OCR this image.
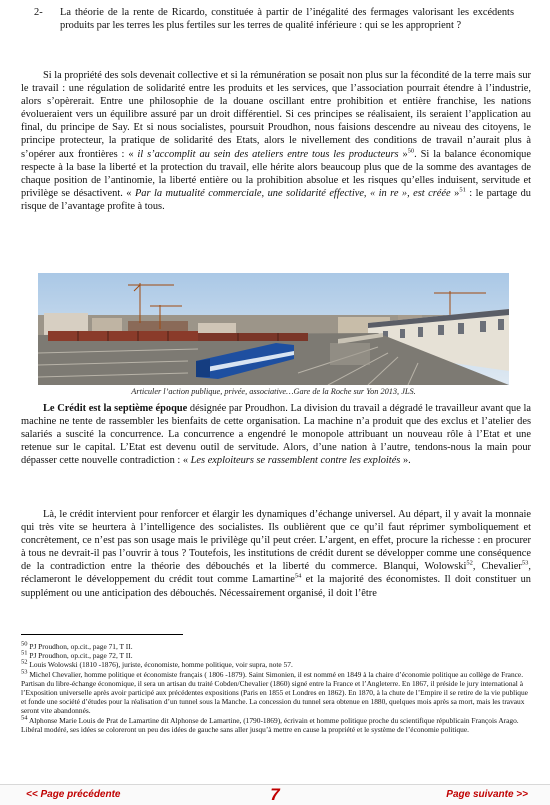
2- La théorie de la rente de Ricardo, constituée à partir de l’inégalité des fermages valorisant les excédents produits par les terres les plus fertiles sur les terres de qualité inférieure : qui se les approprient ?

Si la propriété des sols devenait collective et si la rémunération se posait non plus sur la fécondité de la terre mais sur le travail : une régulation de solidarité entre les produits et les services, que l’association pourrait étendre à l’industrie, alors s’opèrerait. Entre une philosophie de la douane oscillant entre prohibition et entière franchise, les nations évolueraient vers un équilibre assuré par un droit différentiel. Si ces principes se réalisaient, ils seraient l’application au final, du principe de Say. Et si nous socialistes, poursuit Proudhon, nous faisions descendre au niveau des citoyens, le principe protecteur, la pratique de solidarité des Etats, alors le nivellement des conditions de travail n’aurait plus à s’opérer aux frontières : « il s’accomplit au sein des ateliers entre tous les producteurs »$^{50}$. Si la balance économique respecte à la base la liberté et la protection du travail, elle hérite alors beaucoup plus que de la somme des avantages de chaque position de l’antinomie, la liberté entière ou la prohibition absolue et les risques qu’elles induisent, servitude et privilège se désactivent. « Par la mutualité commerciale, une solidarité effective, « in re », est créée »$^{51}$ : le partage du risque de l’avantage profite à tous.

Articuler l’action publique, privée, associative…Gare de la Roche sur Yon 2013, JLS.

Le Crédit est la septième époque désignée par Proudhon. La division du travail a dégradé le travailleur avant que la machine ne tente de rassembler les bienfaits de cette organisation. La machine n’a produit que des exclus et l’atelier des salariés a suscité la concurrence. La concurrence a engendré le monopole attribuant un nouveau rôle à l’Etat et une retenue sur le capital. L’Etat est devenu outil de servitude. Alors, d’une nation à l’autre, tendons-nous la main pour dépasser cette nouvelle contradiction : « Les exploiteurs se rassemblent contre les exploités ».

Là, le crédit intervient pour renforcer et élargir les dynamiques d’échange universel. Au départ, il y avait la monnaie qui très vite se heurtera à l’intelligence des socialistes. Ils oublièrent que ce qu’il faut réprimer symboliquement et concrètement, ce n’est pas son usage mais le privilège qu’il peut créer. L’argent, en effet, procure la richesse : en procurer à tous ne devrait-il pas l’ouvrir à tous ? Toutefois, les institutions de crédit durent se développer comme une conséquence de la contradiction entre la théorie des débouchés et la liberté du commerce. Blanqui, Wolowski$^{52}$, Chevalier$^{53}$, réclameront le développement du crédit tout comme Lamartine$^{54}$ et la majorité des économistes. Il doit constituer un supplément ou une anticipation des débouchés. Nécessairement organisé, il doit l’être

$^{50}$ PJ Proudhon, op.cit., page 71, T II.

$^{51}$ PJ Proudhon, op.cit., page 72, T II.

$^{52}$ Louis Wolowski (1810 -1876), juriste, économiste, homme politique, voir supra, note 57.

$^{53}$ Michel Chevalier, homme politique et économiste français ( 1806 -1879). Saint Simonien, il est nommé en 1849 à la chaire d’économie politique au collège de France. Partisan du libre-échange économique, il sera un artisan du traité Cobden/Chevalier (1860) signé entre la France et l’Angleterre. En 1867, il préside le jury international à l’Exposition universelle après avoir participé aux précédentes expositions (Paris en 1855 et Londres en 1862). En 1870, à la chute de l’Empire il se retire de la vie publique et fonde une société d’études pour la réalisation d’un tunnel sous la Manche. La concession du tunnel sera obtenue en 1880, quelques mois après sa mort, mais les travaux seront vite abandonnés.

$^{54}$ Alphonse Marie Louis de Prat de Lamartine dit Alphonse de Lamartine, (1790-1869), écrivain et homme politique proche du scientifique républicain François Arago. Libéral modéré, ses idées se coloreront un peu des idées de gauche sans aller jusqu’à mettre en cause la propriété et le système de l’économie politique.

<< Page précédente	7	Page suivante >>
